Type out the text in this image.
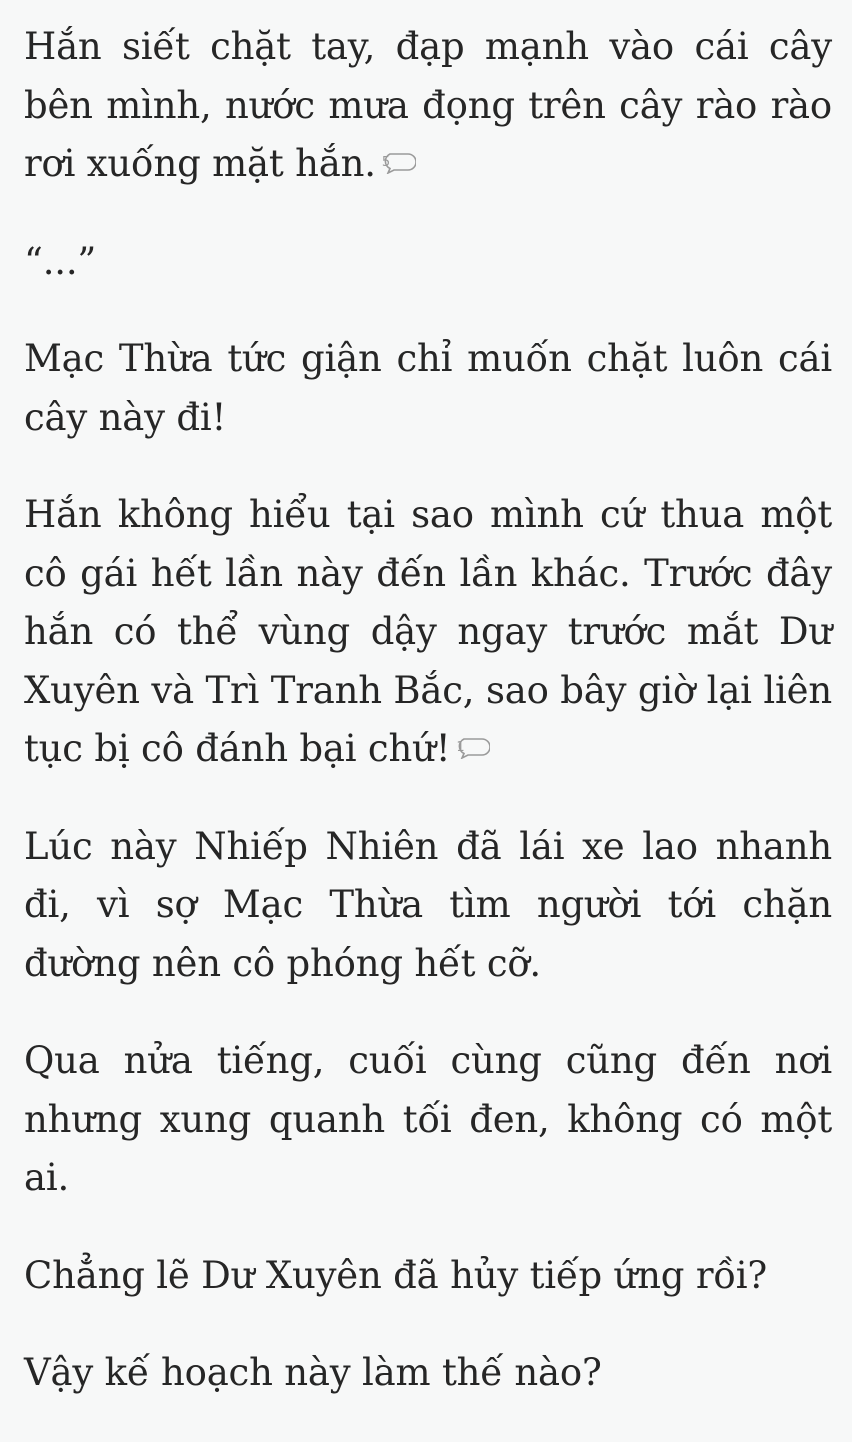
Hắn siết chặt tay, đạp mạnh vào cái cây bên mình, nước mưa đọng trên cây rào rào rơi xuống mặt hắn. 5

“...”

Mạc Thừa tức giận chỉ muốn chặt luôn cái cây này đi!

Hắn không hiểu tại sao mình cứ thua một cô gái hết lần này đến lần khác. Trước đây hắn có thể vùng dậy ngay trước mắt Dư Xuyên và Trì Tranh Bắc, sao bây giờ lại liên tục bị cô đánh bại chứ! 1

Lúc này Nhiếp Nhiên đã lái xe lao nhanh đi, vì sợ Mạc Thừa tìm người tới chặn đường nên cô phóng hết cỡ.

Qua nửa tiếng, cuối cùng cũng đến nơi nhưng xung quanh tối đen, không có một ai.

Chẳng lẽ Dư Xuyên đã hủy tiếp ứng rồi?

Vậy kế hoạch này làm thế nào?
